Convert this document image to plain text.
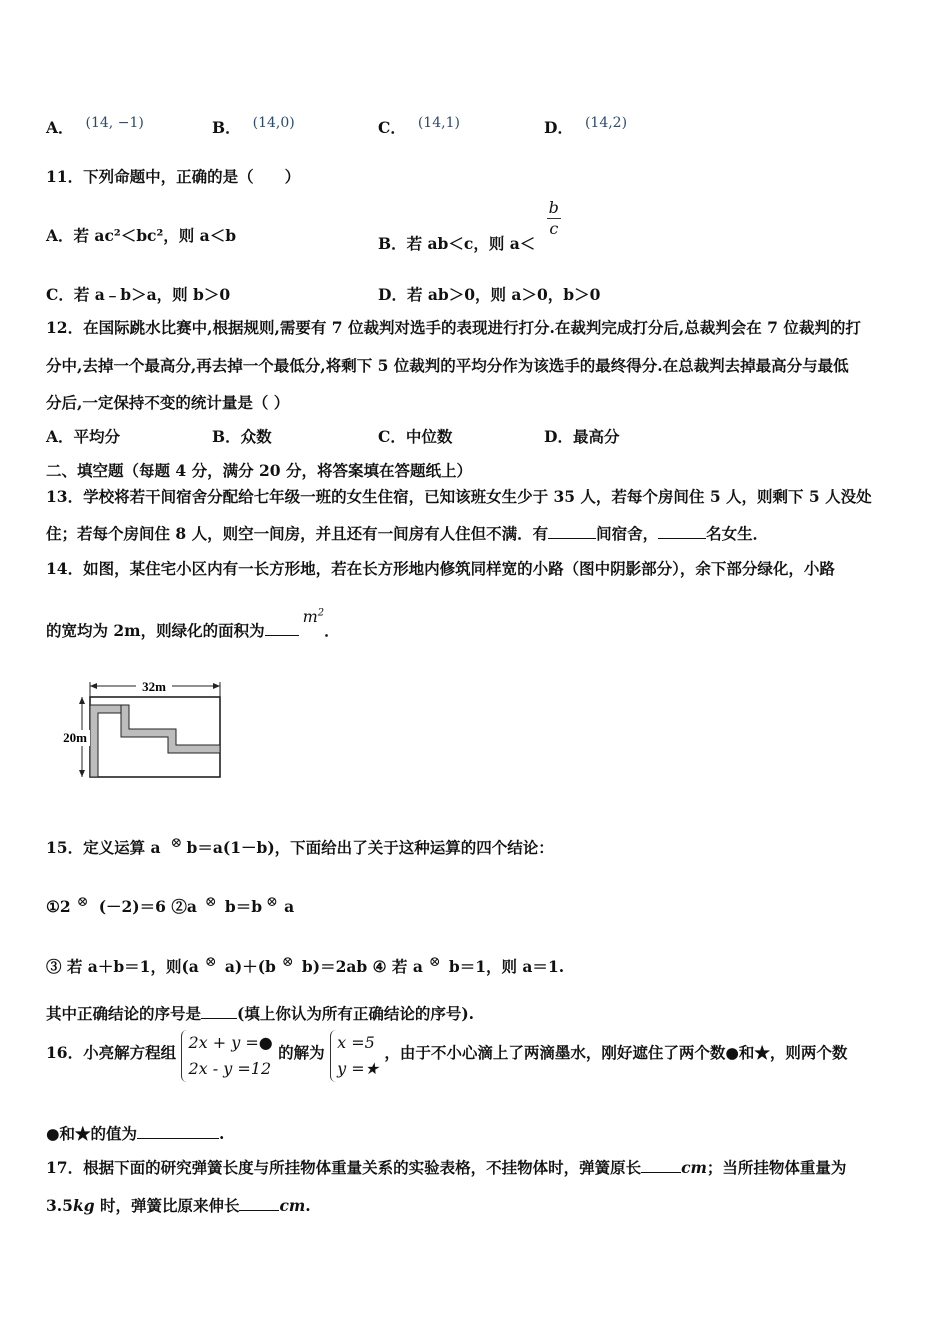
A． (14, −1)	B． (14,0)	C． (14,1)	D． (14,2)
11．下列命题中，正确的是（　　）
A．若 ac²＜bc²，则 a＜b	B．若 ab＜c，则 a＜
$\frac{b}{c}$
C．若 a﹣b＞a，则 b＞0	D．若 ab＞0，则 a＞0，b＞0
12．在国际跳水比赛中,根据规则,需要有 7 位裁判对选手的表现进行打分.在裁判完成打分后,总裁判会在 7 位裁判的打
分中,去掉一个最高分,再去掉一个最低分,将剩下 5 位裁判的平均分作为该选手的最终得分.在总裁判去掉最高分与最低
分后,一定保持不变的统计量是（ ）
A．平均分	B．众数	C．中位数	D．最高分
二、填空题（每题 4 分，满分 20 分，将答案填在答题纸上）
13．学校将若干间宿舍分配给七年级一班的女生住宿，已知该班女生少于 35 人，若每个房间住 5 人，则剩下 5 人没处
住；若每个房间住 8 人，则空一间房，并且还有一间房有人住但不满．有	间宿舍，	名女生．
14．如图，某住宅小区内有一长方形地，若在长方形地内修筑同样宽的小路（图中阴影部分），余下部分绿化，小路
的宽均为 2m，则绿化的面积为$m^2$．
32m
20m
15．定义运算 a ⊗ b＝a(1－b)，下面给出了关于这种运算的四个结论：
①2 ⊗ (－2)＝6 ②a ⊗ b＝b ⊗ a
③ 若 a＋b＝1，则(a ⊗ a)＋(b ⊗ b)＝2ab ④ 若 a ⊗ b＝1，则 a＝1.
其中正确结论的序号是 (填上你认为所有正确结论的序号).
16．小亮解方程组
2x + y =●
2x - y =12
的解为
x =5
y =★
，由于不小心滴上了两滴墨水，刚好遮住了两个数●和★，则两个数
●和★的值为	.
17．根据下面的研究弹簧长度与所挂物体重量关系的实验表格，不挂物体时，弹簧原长	cm；当所挂物体重量为
3.5kg 时，弹簧比原来伸长	cm.
